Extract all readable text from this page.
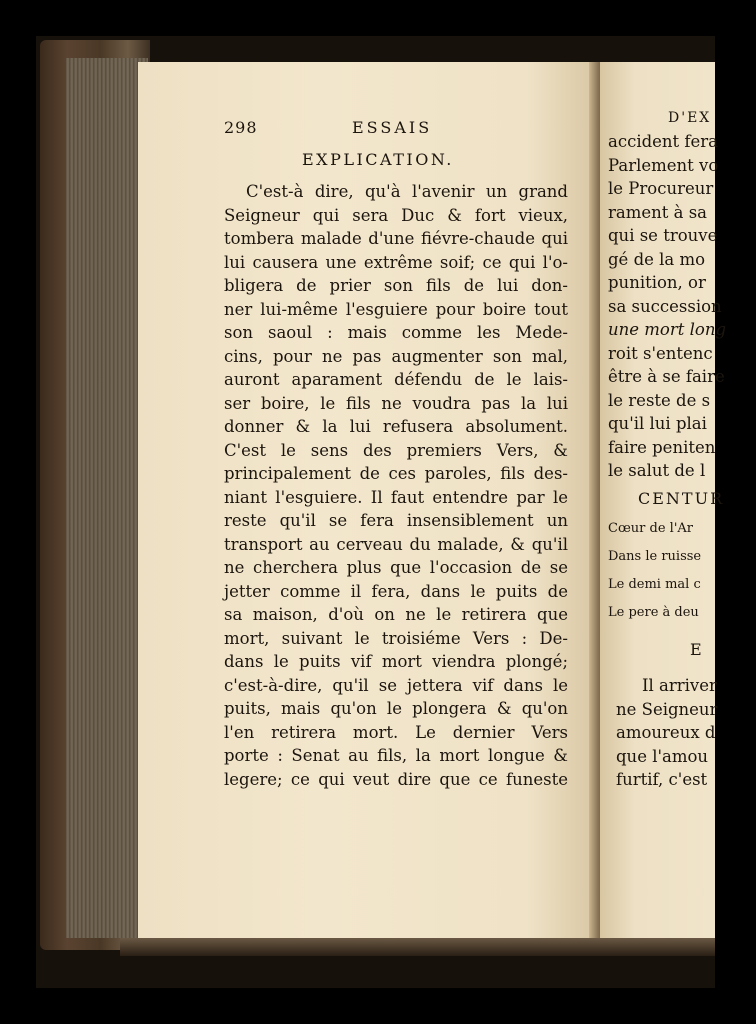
298	ESSAIS
EXPLICATION.
C'est-à dire, qu'à l'avenir un grand
Seigneur qui sera Duc & fort vieux,
tombera malade d'une fiévre-chaude qui
lui causera une extrême soif; ce qui l'o-
bligera de prier son fils de lui don-
ner lui-même l'esguiere pour boire tout
son saoul : mais comme les Mede-
cins, pour ne pas augmenter son mal,
auront aparament défendu de le lais-
ser boire, le fils ne voudra pas la lui
donner & la lui refusera absolument.
C'est le sens des premiers Vers, &
principalement de ces paroles, fils des-
niant l'esguiere. Il faut entendre par le
reste qu'il se fera insensiblement un
transport au cerveau du malade, & qu'il
ne cherchera plus que l'occasion de se
jetter comme il fera, dans le puits de
sa maison, d'où on ne le retirera que
mort, suivant le troisiéme Vers : De-
dans le puits vif mort viendra plongé;
c'est-à-dire, qu'il se jettera vif dans le
puits, mais qu'on le plongera & qu'on
l'en retirera mort. Le dernier Vers
porte : Senat au fils, la mort longue &
legere; ce qui veut dire que ce funeste
D'EX
accident fera
Parlement vo
le Procureur
rament à sa
qui se trouve
gé de la mo
punition, or
sa succession
une mort long
roit s'entenc
être à se faire
le reste de s
qu'il lui plai
faire peniten
le salut de l
CENTUR
Cœur de l'Ar
Dans le ruisse
Le demi mal c
Le pere à deu
E
Il arriver
ne Seigneur
amoureux d
que l'amou
furtif, c'est
